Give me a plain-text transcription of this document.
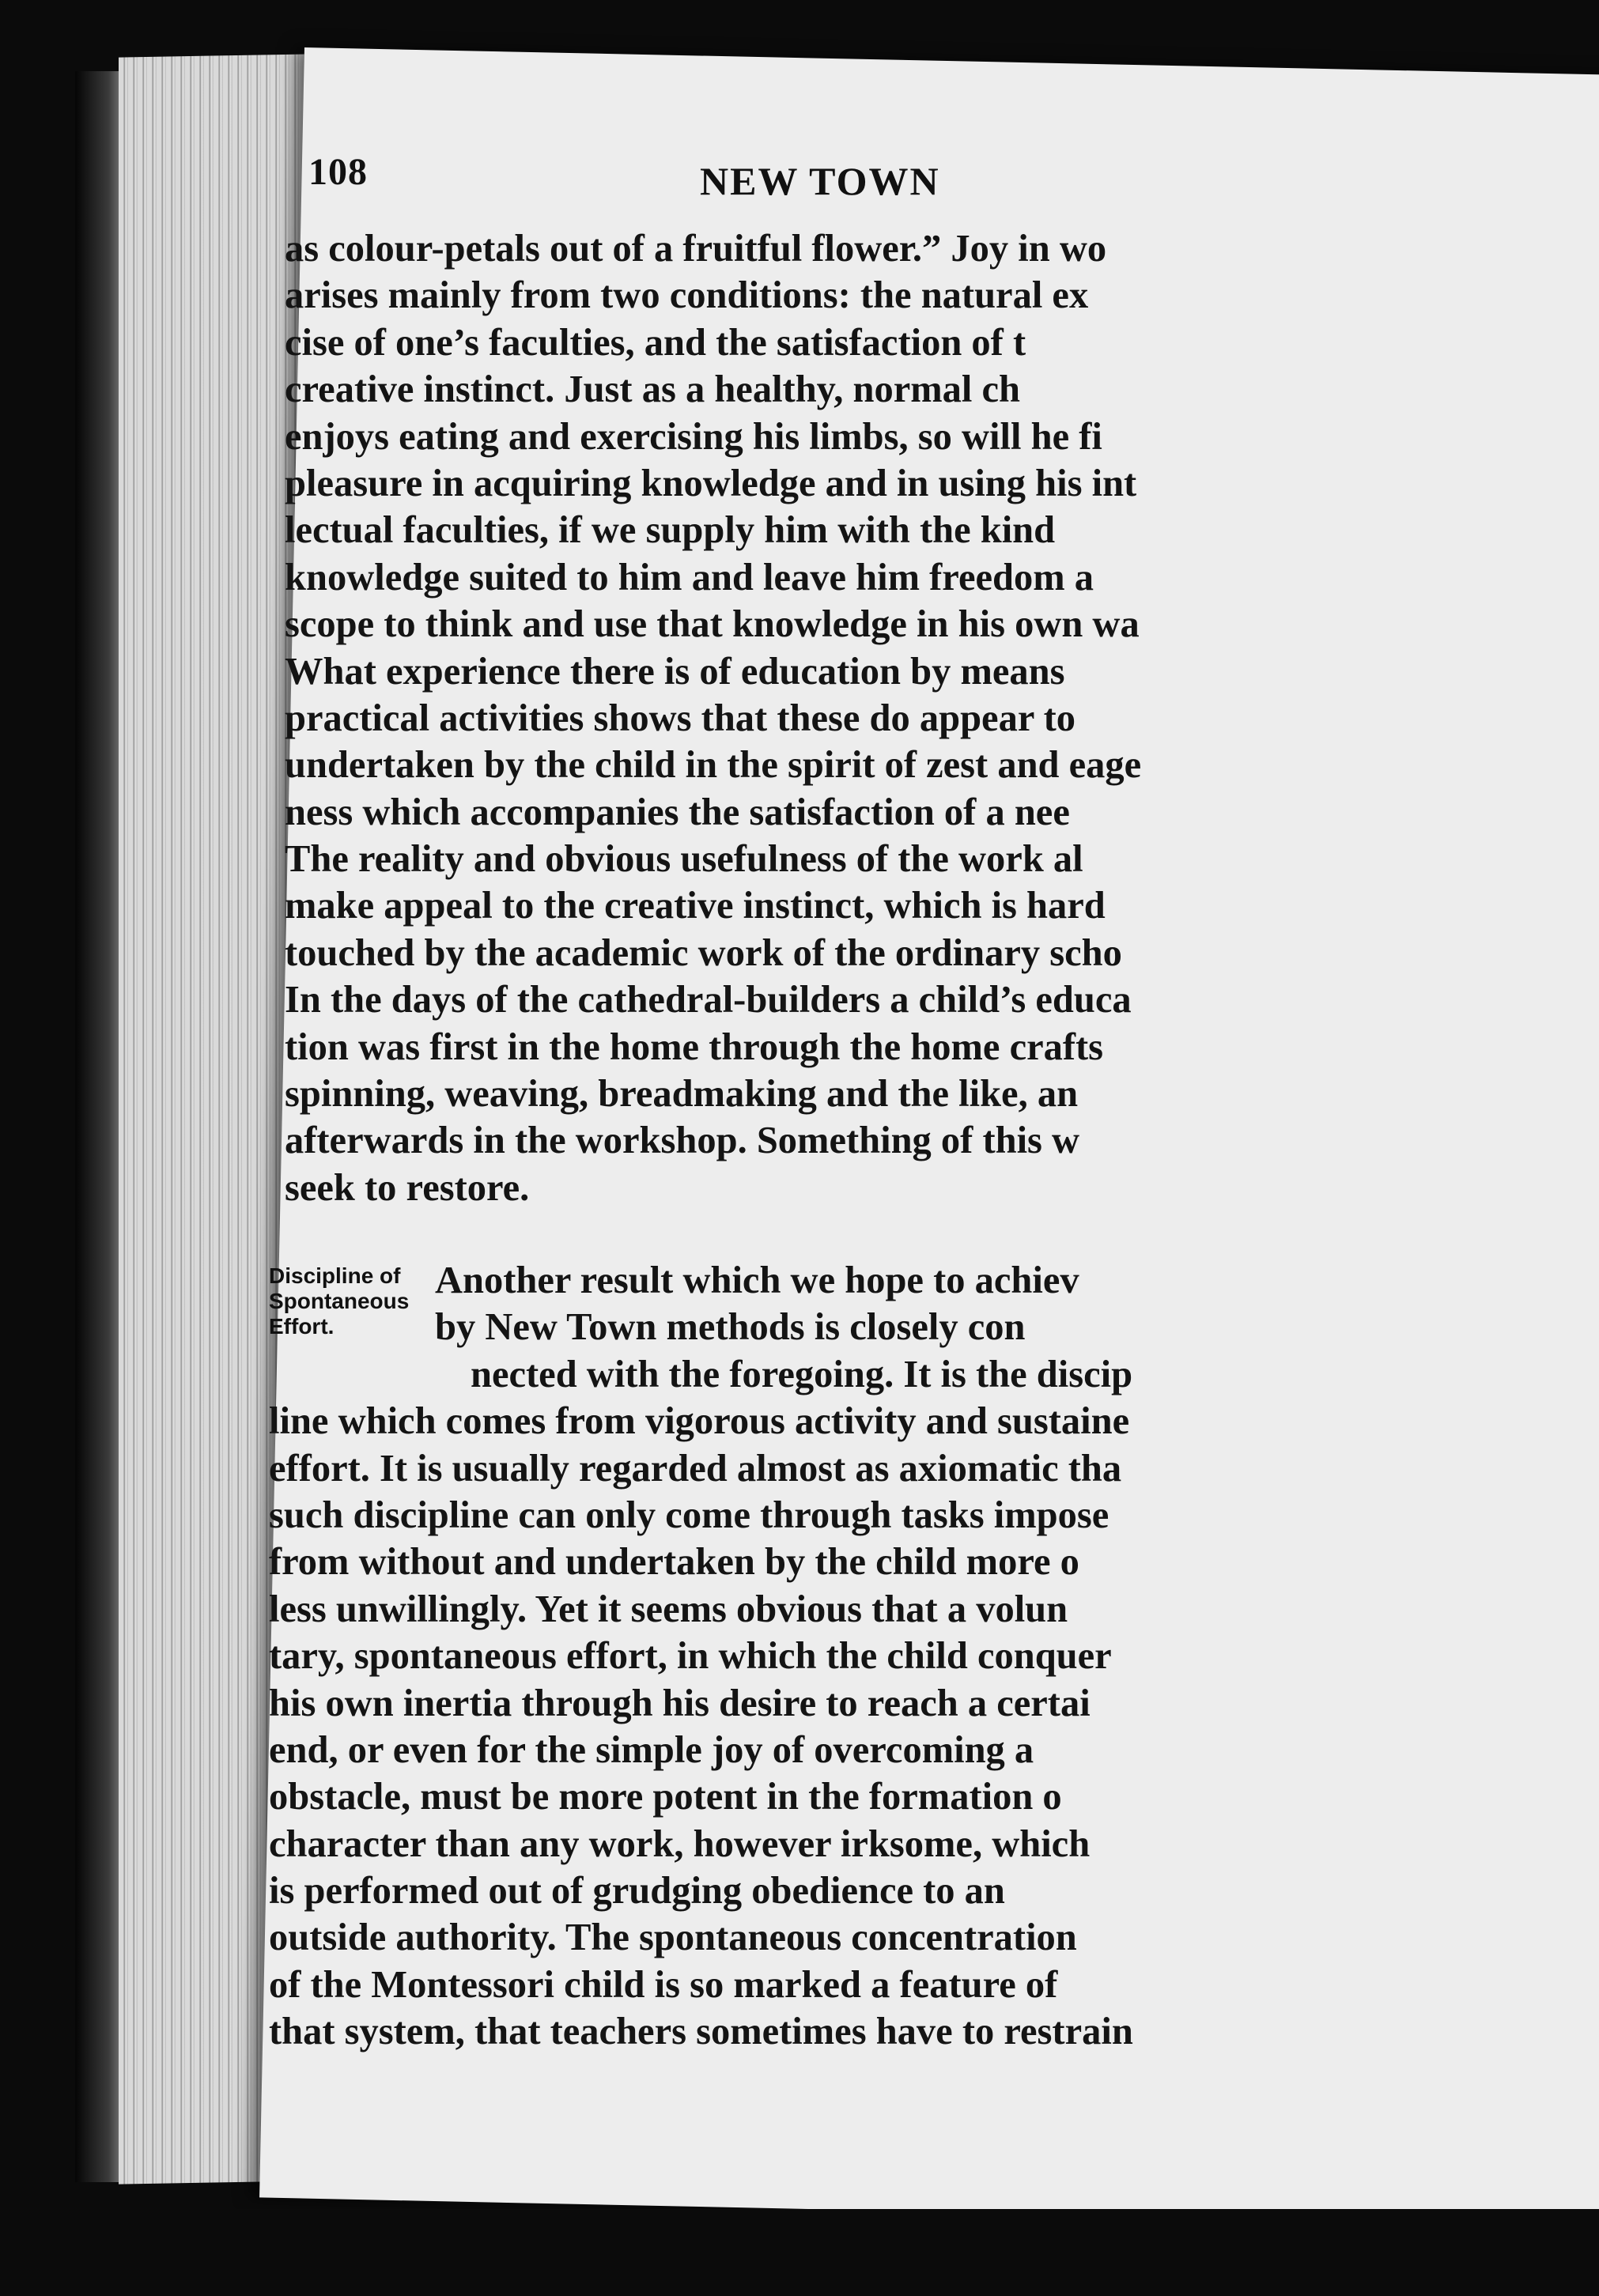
108	NEW TOWN
as colour-petals out of a fruitful flower.” Joy in wo
arises mainly from two conditions: the natural ex
cise of one’s faculties, and the satisfaction of t
creative instinct. Just as a healthy, normal ch
enjoys eating and exercising his limbs, so will he fi
pleasure in acquiring knowledge and in using his int
lectual faculties, if we supply him with the kind
knowledge suited to him and leave him freedom a
scope to think and use that knowledge in his own wa
What experience there is of education by means
practical activities shows that these do appear to
undertaken by the child in the spirit of zest and eage
ness which accompanies the satisfaction of a nee
The reality and obvious usefulness of the work al
make appeal to the creative instinct, which is hard
touched by the academic work of the ordinary scho
In the days of the cathedral-builders a child’s educa
tion was first in the home through the home crafts
spinning, weaving, breadmaking and the like, an
afterwards in the workshop. Something of this w
seek to restore.
Discipline of
Spontaneous
Effort.
Another result which we hope to achiev
by New Town methods is closely con
nected with the foregoing. It is the discip
line which comes from vigorous activity and sustaine
effort. It is usually regarded almost as axiomatic tha
such discipline can only come through tasks impose
from without and undertaken by the child more o
less unwillingly. Yet it seems obvious that a volun
tary, spontaneous effort, in which the child conquer
his own inertia through his desire to reach a certai
end, or even for the simple joy of overcoming a
obstacle, must be more potent in the formation o
character than any work, however irksome, which
is performed out of grudging obedience to an
outside authority. The spontaneous concentration
of the Montessori child is so marked a feature of
that system, that teachers sometimes have to restrain
